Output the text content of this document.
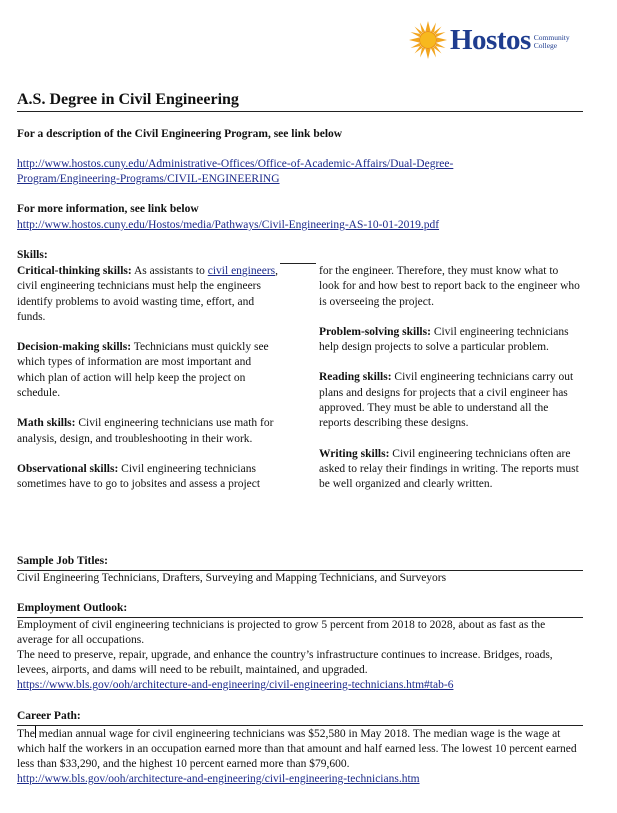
Hostos Community
College
A.S. Degree in Civil Engineering
For a description of the Civil Engineering Program, see link below
http://www.hostos.cuny.edu/Administrative-Offices/Office-of-Academic-Affairs/Dual-Degree-
Program/Engineering-Programs/CIVIL-ENGINEERING
For more information, see link below
http://www.hostos.cuny.edu/Hostos/media/Pathways/Civil-Engineering-AS-10-01-2019.pdf
Skills:

Critical-thinking skills: As assistants to civil engineers, civil engineering technicians must help the engineers identify problems to avoid wasting time, effort, and funds.

Decision-making skills: Technicians must quickly see which types of information are most important and which plan of action will help keep the project on schedule.

Math skills: Civil engineering technicians use math for analysis, design, and troubleshooting in their work.

Observational skills: Civil engineering technicians sometimes have to go to jobsites and assess a project

for the engineer. Therefore, they must know what to look for and how best to report back to the engineer who is overseeing the project.

Problem-solving skills: Civil engineering technicians help design projects to solve a particular problem.

Reading skills: Civil engineering technicians carry out plans and designs for projects that a civil engineer has approved. They must be able to understand all the reports describing these designs.

Writing skills: Civil engineering technicians often are asked to relay their findings in writing. The reports must be well organized and clearly written.

Sample Job Titles:
Civil Engineering Technicians, Drafters, Surveying and Mapping Technicians, and Surveyors
Employment Outlook:
Employment of civil engineering technicians is projected to grow 5 percent from 2018 to 2028, about as fast as the average for all occupations.
The need to preserve, repair, upgrade, and enhance the country’s infrastructure continues to increase. Bridges, roads, levees, airports, and dams will need to be rebuilt, maintained, and upgraded.
https://www.bls.gov/ooh/architecture-and-engineering/civil-engineering-technicians.htm#tab-6
Career Path:
The median annual wage for civil engineering technicians was $52,580 in May 2018. The median wage is the wage at which half the workers in an occupation earned more than that amount and half earned less. The lowest 10 percent earned less than $33,290, and the highest 10 percent earned more than $79,600.
http://www.bls.gov/ooh/architecture-and-engineering/civil-engineering-technicians.htm
